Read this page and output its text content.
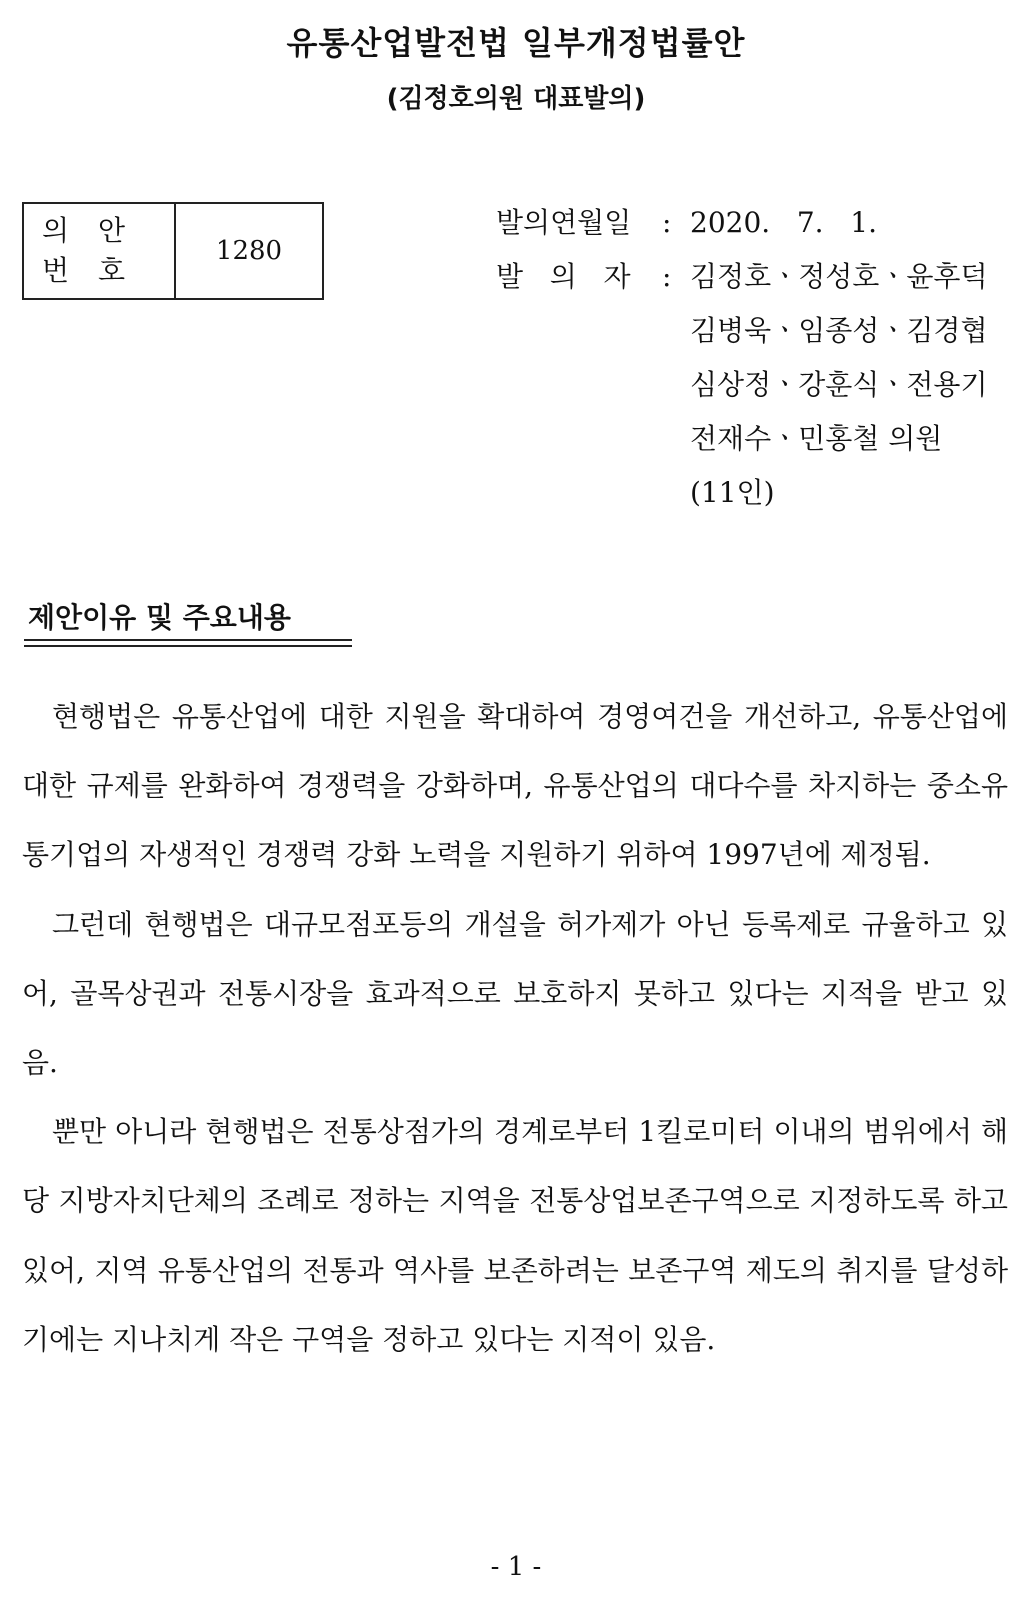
유통산업발전법 일부개정법률안
(김정호의원 대표발의)
의 안
번 호
1280
발의연월일	: 2020.   7.   1.
발   의   자	: 김정호ㆍ정성호ㆍ윤후덕
김병욱ㆍ임종성ㆍ김경협
심상정ㆍ강훈식ㆍ전용기
전재수ㆍ민홍철 의원
(11인)
제안이유 및 주요내용

현행법은 유통산업에 대한 지원을 확대하여 경영여건을 개선하고, 유통산업에 대한 규제를 완화하여 경쟁력을 강화하며, 유통산업의 대다수를 차지하는 중소유통기업의 자생적인 경쟁력 강화 노력을 지원하기 위하여 1997년에 제정됨.

그런데 현행법은 대규모점포등의 개설을 허가제가 아닌 등록제로 규율하고 있어, 골목상권과 전통시장을 효과적으로 보호하지 못하고 있다는 지적을 받고 있음.

뿐만 아니라 현행법은 전통상점가의 경계로부터 1킬로미터 이내의 범위에서 해당 지방자치단체의 조례로 정하는 지역을 전통상업보존구역으로 지정하도록 하고 있어, 지역 유통산업의 전통과 역사를 보존하려는 보존구역 제도의 취지를 달성하기에는 지나치게 작은 구역을 정하고 있다는 지적이 있음.

- 1 -
